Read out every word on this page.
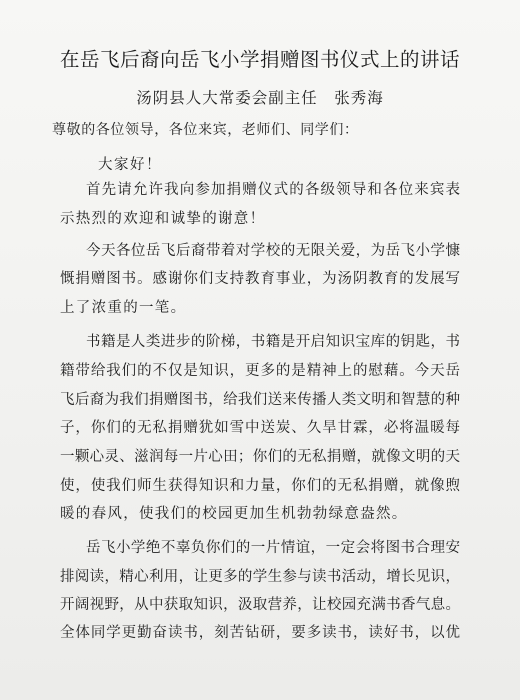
在岳飞后裔向岳飞小学捐赠图书仪式上的讲话
汤阴县人大常委会副主任　张秀海
尊敬的各位领导，各位来宾，老师们、同学们：
大家好！
首先请允许我向参加捐赠仪式的各级领导和各位来宾表
示热烈的欢迎和诚挚的谢意！
今天各位岳飞后裔带着对学校的无限关爱，为岳飞小学慷
慨捐赠图书。感谢你们支持教育事业，为汤阴教育的发展写
上了浓重的一笔。
书籍是人类进步的阶梯，书籍是开启知识宝库的钥匙，书
籍带给我们的不仅是知识，更多的是精神上的慰藉。今天岳
飞后裔为我们捐赠图书，给我们送来传播人类文明和智慧的种
子，你们的无私捐赠犹如雪中送炭、久旱甘霖，必将温暖每
一颗心灵、滋润每一片心田；你们的无私捐赠，就像文明的天
使，使我们师生获得知识和力量，你们的无私捐赠，就像煦
暖的春风，使我们的校园更加生机勃勃绿意盎然。
岳飞小学绝不辜负你们的一片情谊，一定会将图书合理安
排阅读，精心利用，让更多的学生参与读书活动，增长见识，
开阔视野，从中获取知识，汲取营养，让校园充满书香气息。
全体同学更勤奋读书，刻苦钻研，要多读书，读好书，以优
